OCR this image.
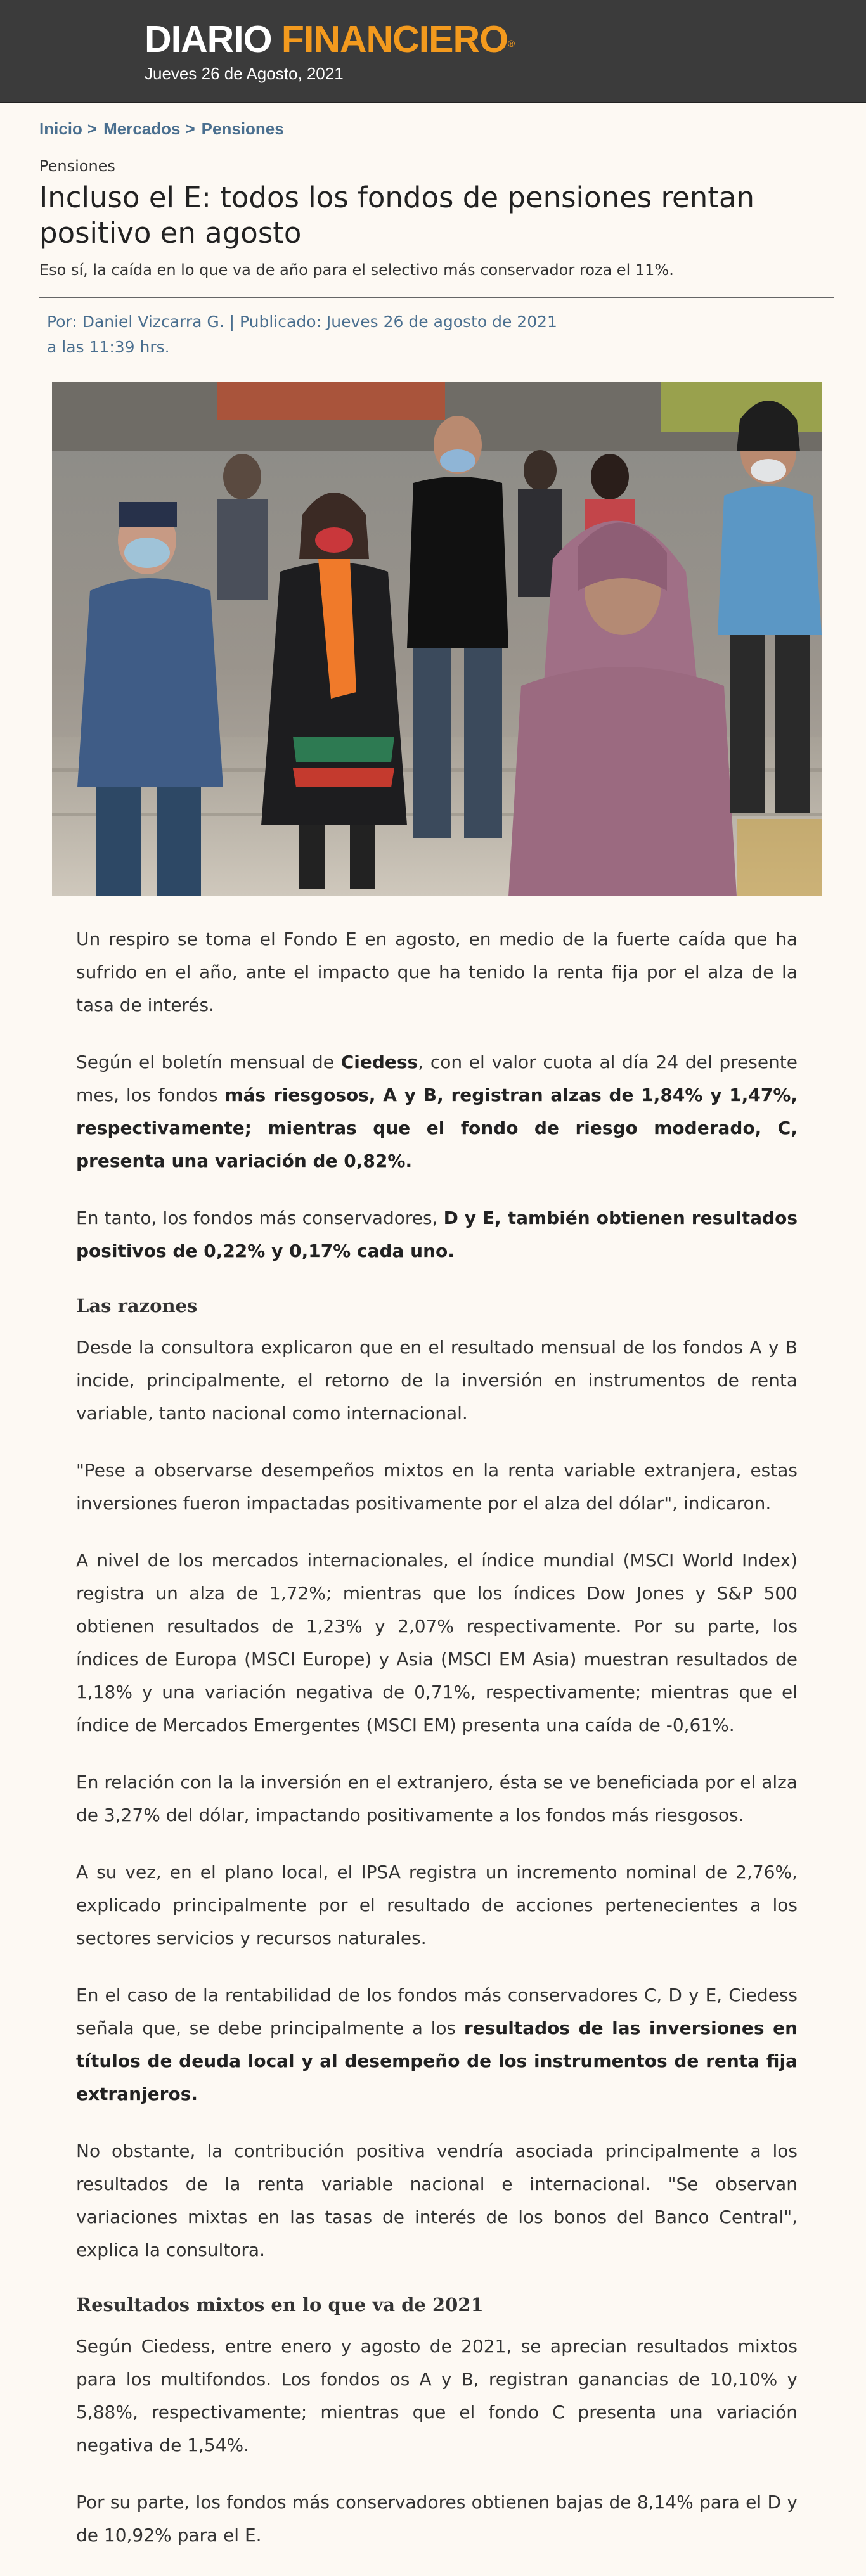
DIARIO FINANCIERO®
Jueves 26 de Agosto, 2021
Inicio > Mercados > Pensiones
Pensiones
Incluso el E: todos los fondos de pensiones rentan positivo en agosto
Eso sí, la caída en lo que va de año para el selectivo más conservador roza el 11%.
Por: Daniel Vizcarra G. | Publicado: Jueves 26 de agosto de 2021 a las 11:39 hrs.

Un respiro se toma el Fondo E en agosto, en medio de la fuerte caída que ha sufrido en el año, ante el impacto que ha tenido la renta fija por el alza de la tasa de interés.

Según el boletín mensual de Ciedess, con el valor cuota al día 24 del presente mes, los fondos más riesgosos, A y B, registran alzas de 1,84% y 1,47%, respectivamente; mientras que el fondo de riesgo moderado, C, presenta una variación de 0,82%.

En tanto, los fondos más conservadores, D y E, también obtienen resultados positivos de 0,22% y 0,17% cada uno.

Las razones

Desde la consultora explicaron que en el resultado mensual de los fondos A y B incide, principalmente, el retorno de la inversión en instrumentos de renta variable, tanto nacional como internacional.

"Pese a observarse desempeños mixtos en la renta variable extranjera, estas inversiones fueron impactadas positivamente por el alza del dólar", indicaron.

A nivel de los mercados internacionales, el índice mundial (MSCI World Index) registra un alza de 1,72%; mientras que los índices Dow Jones y S&P 500 obtienen resultados de 1,23% y 2,07% respectivamente. Por su parte, los índices de Europa (MSCI Europe) y Asia (MSCI EM Asia) muestran resultados de 1,18% y una variación negativa de 0,71%, respectivamente; mientras que el índice de Mercados Emergentes (MSCI EM) presenta una caída de -0,61%.

En relación con la la inversión en el extranjero, ésta se ve beneficiada por el alza de 3,27% del dólar, impactando positivamente a los fondos más riesgosos.

A su vez, en el plano local, el IPSA registra un incremento nominal de 2,76%, explicado principalmente por el resultado de acciones pertenecientes a los sectores servicios y recursos naturales.

En el caso de la rentabilidad de los fondos más conservadores C, D y E, Ciedess señala que, se debe principalmente a los resultados de las inversiones en títulos de deuda local y al desempeño de los instrumentos de renta fija extranjeros.

No obstante, la contribución positiva vendría asociada principalmente a los resultados de la renta variable nacional e internacional. "Se observan variaciones mixtas en las tasas de interés de los bonos del Banco Central", explica la consultora.

Resultados mixtos en lo que va de 2021

Según Ciedess, entre enero y agosto de 2021, se aprecian resultados mixtos para los multifondos. Los fondos os A y B, registran ganancias de 10,10% y 5,88%, respectivamente; mientras que el fondo C presenta una variación negativa de 1,54%.

Por su parte, los fondos más conservadores obtienen bajas de 8,14% para el D y de 10,92% para el E.
